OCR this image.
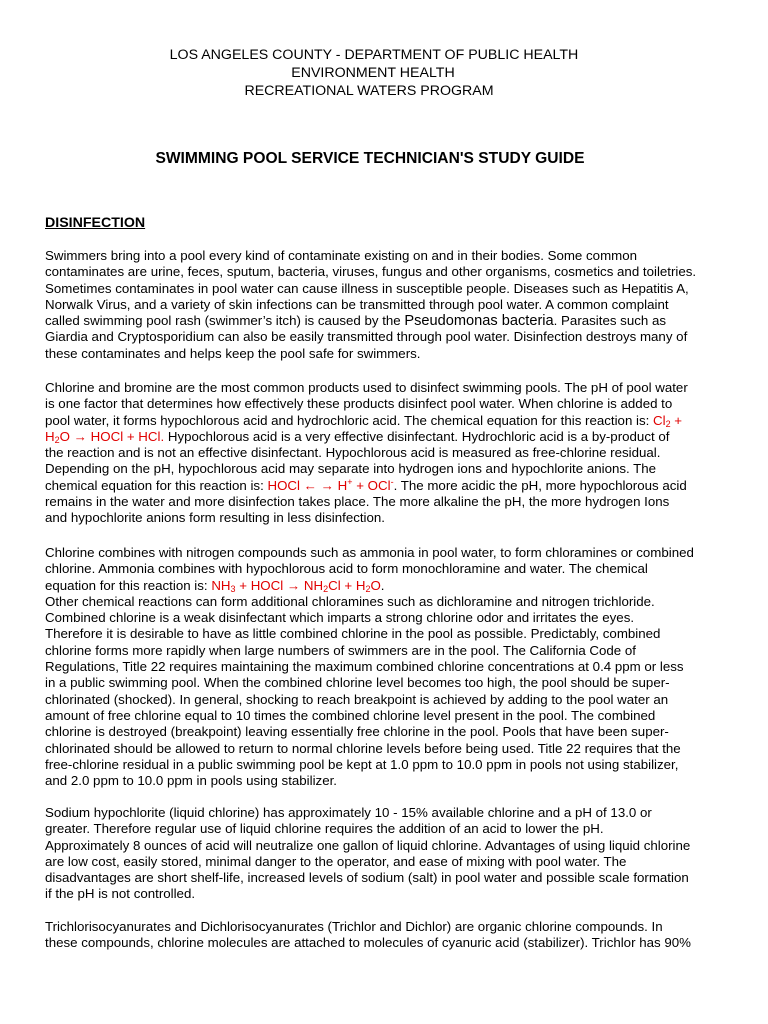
LOS ANGELES COUNTY - DEPARTMENT OF PUBLIC HEALTH
ENVIRONMENT HEALTH
RECREATIONAL WATERS PROGRAM
SWIMMING POOL SERVICE TECHNICIAN'S STUDY GUIDE
DISINFECTION
Swimmers bring into a pool every kind of contaminate existing on and in their bodies. Some common
contaminates are urine, feces, sputum, bacteria, viruses, fungus and other organisms, cosmetics and toiletries.
Sometimes contaminates in pool water can cause illness in susceptible people. Diseases such as Hepatitis A,
Norwalk Virus, and a variety of skin infections can be transmitted through pool water. A common complaint
called swimming pool rash (swimmer’s itch) is caused by the Pseudomonas bacteria. Parasites such as
Giardia and Cryptosporidium can also be easily transmitted through pool water. Disinfection destroys many of
these contaminates and helps keep the pool safe for swimmers.
Chlorine and bromine are the most common products used to disinfect swimming pools. The pH of pool water
is one factor that determines how effectively these products disinfect pool water. When chlorine is added to
pool water, it forms hypochlorous acid and hydrochloric acid. The chemical equation for this reaction is: $Cl_2$ +
$H_2O$ → HOCl + HCl. Hypochlorous acid is a very effective disinfectant. Hydrochloric acid is a by-product of
the reaction and is not an effective disinfectant. Hypochlorous acid is measured as free-chlorine residual.
Depending on the pH, hypochlorous acid may separate into hydrogen ions and hypochlorite anions. The
chemical equation for this reaction is: HOCl ← → H+ + OCl-. The more acidic the pH, more hypochlorous acid
remains in the water and more disinfection takes place. The more alkaline the pH, the more hydrogen Ions
and hypochlorite anions form resulting in less disinfection.
Chlorine combines with nitrogen compounds such as ammonia in pool water, to form chloramines or combined
chlorine. Ammonia combines with hypochlorous acid to form monochloramine and water. The chemical
equation for this reaction is: $NH_3$ + HOCl → $NH_2Cl + H_2O$.
Other chemical reactions can form additional chloramines such as dichloramine and nitrogen trichloride.
Combined chlorine is a weak disinfectant which imparts a strong chlorine odor and irritates the eyes.
Therefore it is desirable to have as little combined chlorine in the pool as possible. Predictably, combined
chlorine forms more rapidly when large numbers of swimmers are in the pool. The California Code of
Regulations, Title 22 requires maintaining the maximum combined chlorine concentrations at 0.4 ppm or less
in a public swimming pool. When the combined chlorine level becomes too high, the pool should be super-
chlorinated (shocked). In general, shocking to reach breakpoint is achieved by adding to the pool water an
amount of free chlorine equal to 10 times the combined chlorine level present in the pool. The combined
chlorine is destroyed (breakpoint) leaving essentially free chlorine in the pool. Pools that have been super-
chlorinated should be allowed to return to normal chlorine levels before being used. Title 22 requires that the
free-chlorine residual in a public swimming pool be kept at 1.0 ppm to 10.0 ppm in pools not using stabilizer,
and 2.0 ppm to 10.0 ppm in pools using stabilizer.
Sodium hypochlorite (liquid chlorine) has approximately 10 - 15% available chlorine and a pH of 13.0 or
greater. Therefore regular use of liquid chlorine requires the addition of an acid to lower the pH.
Approximately 8 ounces of acid will neutralize one gallon of liquid chlorine. Advantages of using liquid chlorine
are low cost, easily stored, minimal danger to the operator, and ease of mixing with pool water. The
disadvantages are short shelf-life, increased levels of sodium (salt) in pool water and possible scale formation
if the pH is not controlled.
Trichlorisocyanurates and Dichlorisocyanurates (Trichlor and Dichlor) are organic chlorine compounds. In
these compounds, chlorine molecules are attached to molecules of cyanuric acid (stabilizer). Trichlor has 90%
